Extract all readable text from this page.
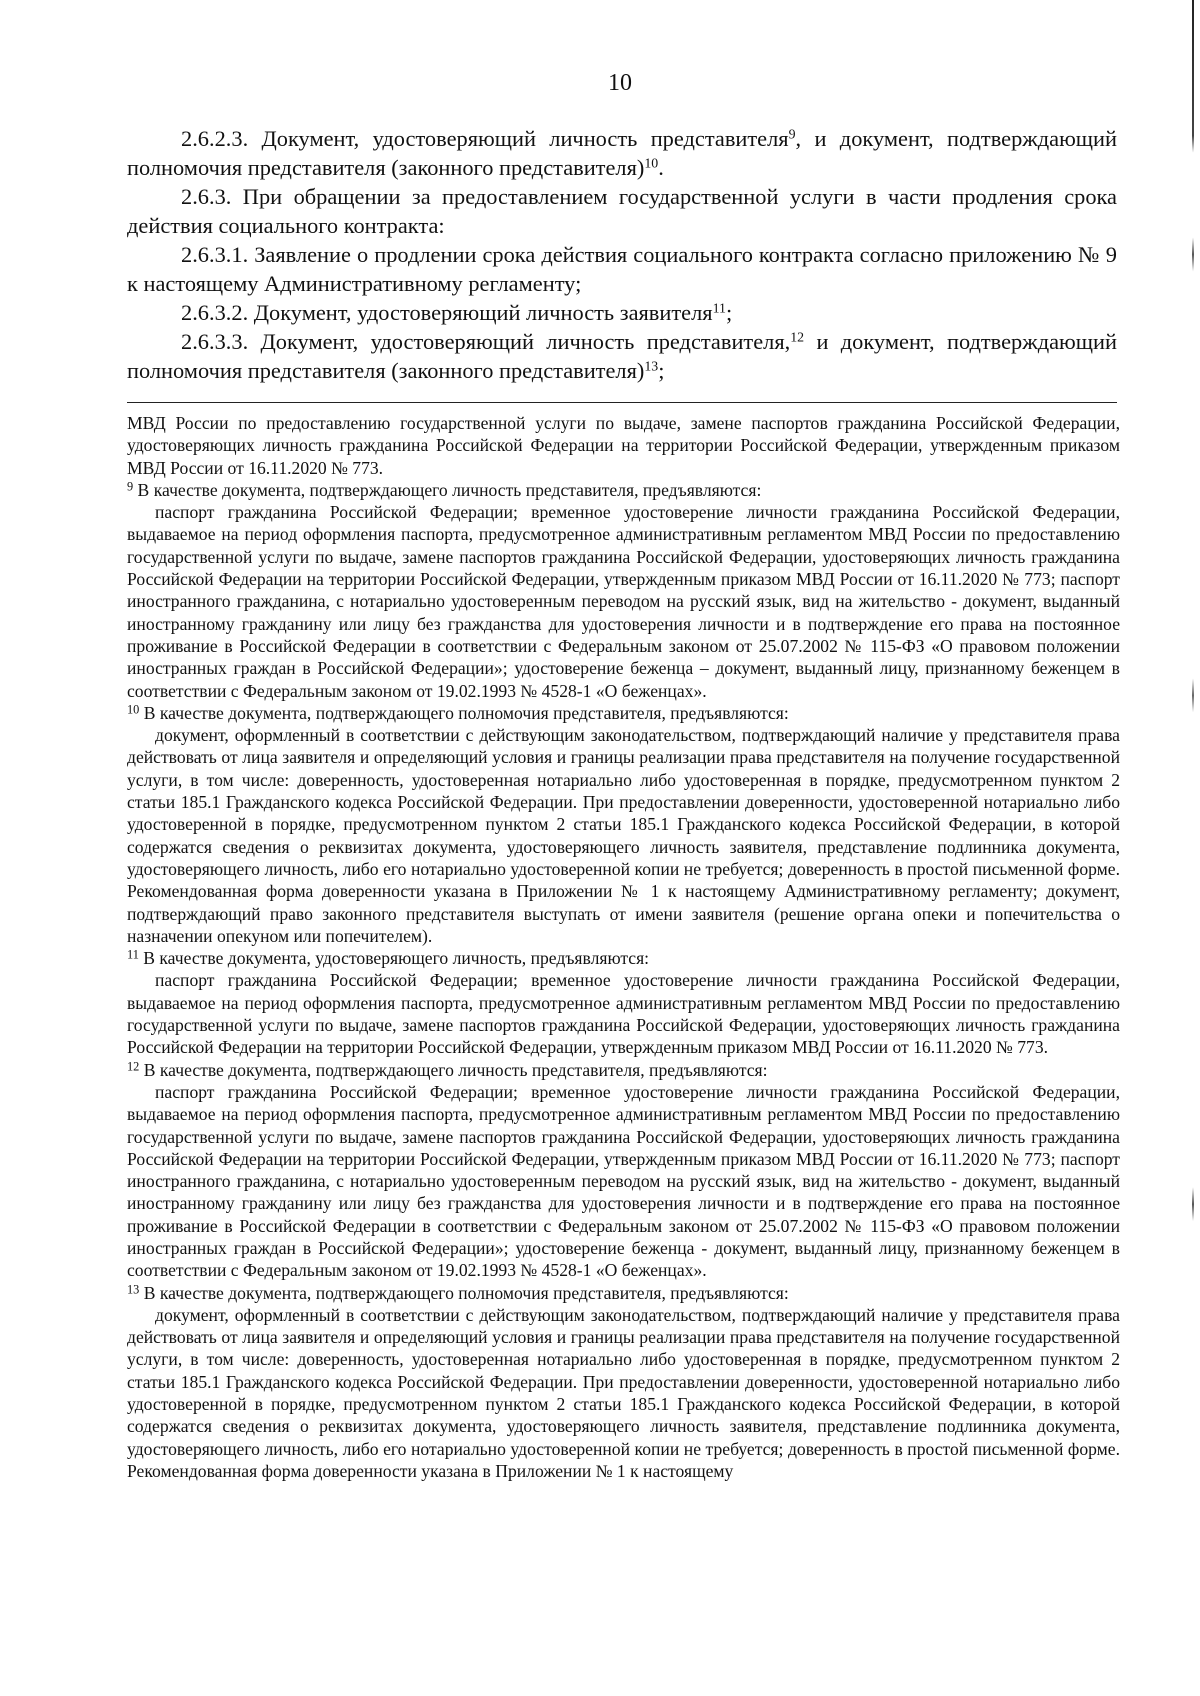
10

2.6.2.3. Документ, удостоверяющий личность представителя$^9$, и документ, подтверждающий полномочия представителя (законного представителя)$^{10}$.

2.6.3. При обращении за предоставлением государственной услуги в части продления срока действия социального контракта:

2.6.3.1. Заявление о продлении срока действия социального контракта согласно приложению № 9 к настоящему Административному регламенту;

2.6.3.2. Документ, удостоверяющий личность заявителя$^{11}$;

2.6.3.3. Документ, удостоверяющий личность представителя,$^{12}$ и документ, подтверждающий полномочия представителя (законного представителя)$^{13}$;

МВД России по предоставлению государственной услуги по выдаче, замене паспортов гражданина Российской Федерации, удостоверяющих личность гражданина Российской Федерации на территории Российской Федерации, утвержденным приказом МВД России от 16.11.2020 № 773.

$^9$ В качестве документа, подтверждающего личность представителя, предъявляются:

паспорт гражданина Российской Федерации; временное удостоверение личности гражданина Российской Федерации, выдаваемое на период оформления паспорта, предусмотренное административным регламентом МВД России по предоставлению государственной услуги по выдаче, замене паспортов гражданина Российской Федерации, удостоверяющих личность гражданина Российской Федерации на территории Российской Федерации, утвержденным приказом МВД России от 16.11.2020 № 773; паспорт иностранного гражданина, с нотариально удостоверенным переводом на русский язык, вид на жительство - документ, выданный иностранному гражданину или лицу без гражданства для удостоверения личности и в подтверждение его права на постоянное проживание в Российской Федерации в соответствии с Федеральным законом от 25.07.2002 № 115-ФЗ «О правовом положении иностранных граждан в Российской Федерации»; удостоверение беженца – документ, выданный лицу, признанному беженцем в соответствии с Федеральным законом от 19.02.1993 № 4528-1 «О беженцах».

$^{10}$ В качестве документа, подтверждающего полномочия представителя, предъявляются:

документ, оформленный в соответствии с действующим законодательством, подтверждающий наличие у представителя права действовать от лица заявителя и определяющий условия и границы реализации права представителя на получение государственной услуги, в том числе: доверенность, удостоверенная нотариально либо удостоверенная в порядке, предусмотренном пунктом 2 статьи 185.1 Гражданского кодекса Российской Федерации. При предоставлении доверенности, удостоверенной нотариально либо удостоверенной в порядке, предусмотренном пунктом 2 статьи 185.1 Гражданского кодекса Российской Федерации, в которой содержатся сведения о реквизитах документа, удостоверяющего личность заявителя, представление подлинника документа, удостоверяющего личность, либо его нотариально удостоверенной копии не требуется; доверенность в простой письменной форме. Рекомендованная форма доверенности указана в Приложении № 1 к настоящему Административному регламенту; документ, подтверждающий право законного представителя выступать от имени заявителя (решение органа опеки и попечительства о назначении опекуном или попечителем).

$^{11}$ В качестве документа, удостоверяющего личность, предъявляются:

паспорт гражданина Российской Федерации; временное удостоверение личности гражданина Российской Федерации, выдаваемое на период оформления паспорта, предусмотренное административным регламентом МВД России по предоставлению государственной услуги по выдаче, замене паспортов гражданина Российской Федерации, удостоверяющих личность гражданина Российской Федерации на территории Российской Федерации, утвержденным приказом МВД России от 16.11.2020 № 773.

$^{12}$ В качестве документа, подтверждающего личность представителя, предъявляются:

паспорт гражданина Российской Федерации; временное удостоверение личности гражданина Российской Федерации, выдаваемое на период оформления паспорта, предусмотренное административным регламентом МВД России по предоставлению государственной услуги по выдаче, замене паспортов гражданина Российской Федерации, удостоверяющих личность гражданина Российской Федерации на территории Российской Федерации, утвержденным приказом МВД России от 16.11.2020 № 773; паспорт иностранного гражданина, с нотариально удостоверенным переводом на русский язык, вид на жительство - документ, выданный иностранному гражданину или лицу без гражданства для удостоверения личности и в подтверждение его права на постоянное проживание в Российской Федерации в соответствии с Федеральным законом от 25.07.2002 № 115-ФЗ «О правовом положении иностранных граждан в Российской Федерации»; удостоверение беженца - документ, выданный лицу, признанному беженцем в соответствии с Федеральным законом от 19.02.1993 № 4528-1 «О беженцах».

$^{13}$ В качестве документа, подтверждающего полномочия представителя, предъявляются:

документ, оформленный в соответствии с действующим законодательством, подтверждающий наличие у представителя права действовать от лица заявителя и определяющий условия и границы реализации права представителя на получение государственной услуги, в том числе: доверенность, удостоверенная нотариально либо удостоверенная в порядке, предусмотренном пунктом 2 статьи 185.1 Гражданского кодекса Российской Федерации. При предоставлении доверенности, удостоверенной нотариально либо удостоверенной в порядке, предусмотренном пунктом 2 статьи 185.1 Гражданского кодекса Российской Федерации, в которой содержатся сведения о реквизитах документа, удостоверяющего личность заявителя, представление подлинника документа, удостоверяющего личность, либо его нотариально удостоверенной копии не требуется; доверенность в простой письменной форме. Рекомендованная форма доверенности указана в Приложении № 1 к настоящему
